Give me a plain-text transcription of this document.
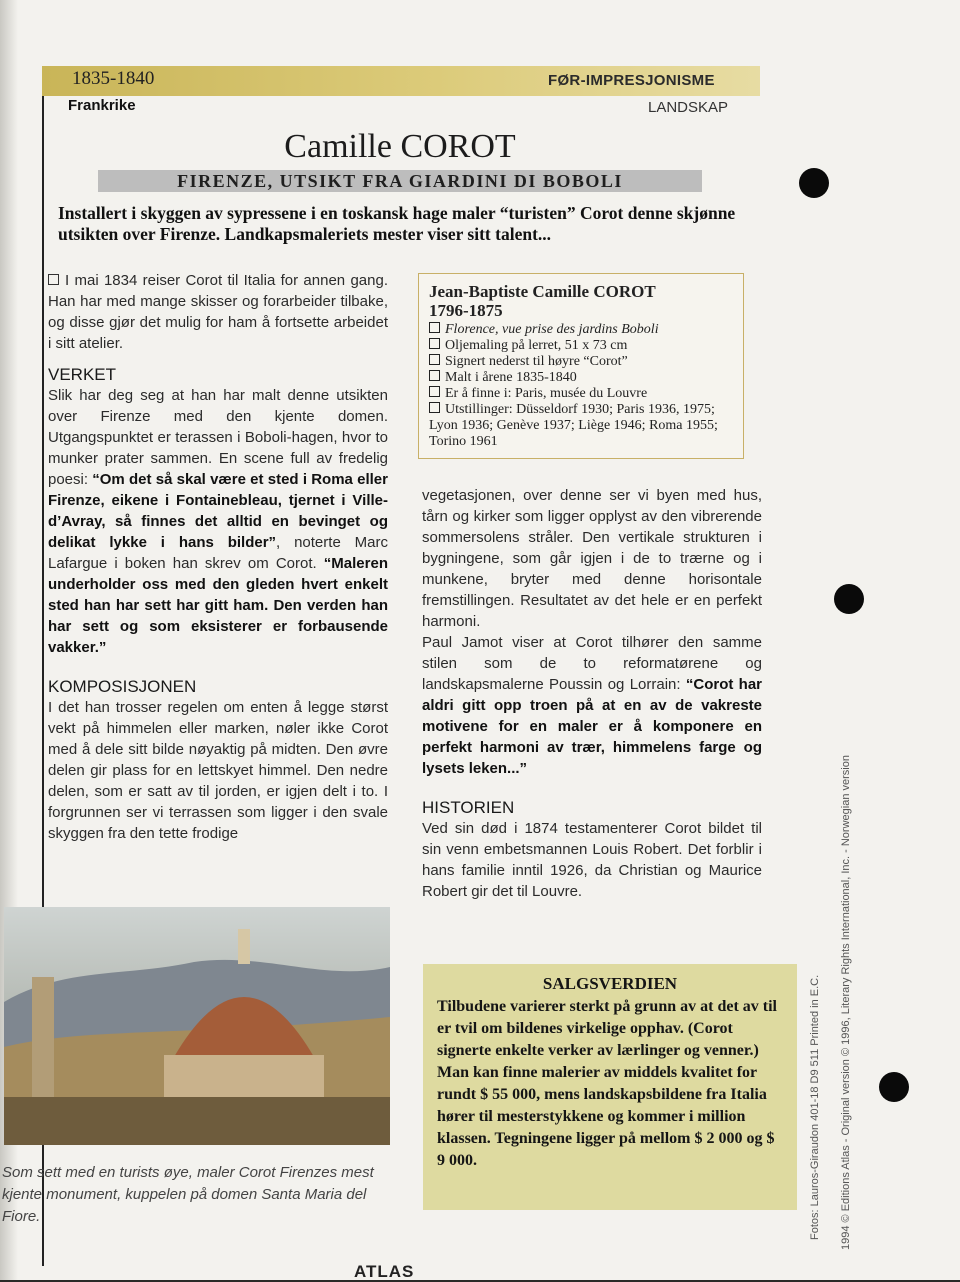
1835-1840	FØR-IMPRESJONISME
Frankrike	LANDSKAP
Camille COROT
FIRENZE, UTSIKT FRA GIARDINI DI BOBOLI
Installert i skyggen av sypressene i en toskansk hage maler “turisten” Corot denne skjønne utsikten over Firenze. Landkapsmaleriets mester viser sitt talent...

I mai 1834 reiser Corot til Italia for annen gang. Han har med mange skisser og forarbeider tilbake, og disse gjør det mulig for ham å fortsette arbeidet i sitt atelier.

VERKET

Slik har deg seg at han har malt denne utsikten over Firenze med den kjente domen. Utgangspunktet er terassen i Boboli-hagen, hvor to munker prater sammen. En scene full av fredelig poesi: “Om det så skal være et sted i Roma eller Firenze, eikene i Fontainebleau, tjernet i Ville-d’Avray, så finnes det alltid en bevinget og delikat lykke i hans bilder”, noterte Marc Lafargue i boken han skrev om Corot. “Maleren underholder oss med den gleden hvert enkelt sted han har sett har gitt ham. Den verden han har sett og som eksisterer er forbausende vakker.”

KOMPOSISJONEN

I det han trosser regelen om enten å legge størst vekt på himmelen eller marken, nøler ikke Corot med å dele sitt bilde nøyaktig på midten. Den øvre delen gir plass for en lettskyet himmel. Den nedre delen, som er satt av til jorden, er igjen delt i to. I forgrunnen ser vi terrassen som ligger i den svale skyggen fra den tette frodige

Jean-Baptiste Camille COROT
1796-1875
Florence, vue prise des jardins Boboli
Oljemaling på lerret, 51 x 73 cm
Signert nederst til høyre “Corot”
Malt i årene 1835-1840
Er å finne i: Paris, musée du Louvre
Utstillinger: Düsseldorf 1930; Paris 1936, 1975; Lyon 1936; Genève 1937; Liège 1946; Roma 1955; Torino 1961

vegetasjonen, over denne ser vi byen med hus, tårn og kirker som ligger opplyst av den vibrerende sommersolens stråler. Den vertikale strukturen i bygningene, som går igjen i de to trærne og i munkene, bryter med denne horisontale fremstillingen. Resultatet av det hele er en perfekt harmoni.

Paul Jamot viser at Corot tilhører den samme stilen som de to reformatørene og landskapsmalerne Poussin og Lorrain: “Corot har aldri gitt opp troen på at en av de vakreste motivene for en maler er å komponere en perfekt harmoni av trær, himmelens farge og lysets leken...”

HISTORIEN

Ved sin død i 1874 testamenterer Corot bildet til sin venn embetsmannen Louis Robert. Det forblir i hans familie inntil 1926, da Christian og Maurice Robert gir det til Louvre.

Som sett med en turists øye, maler Corot Firenzes mest kjente monument, kuppelen på domen Santa Maria del Fiore.
SALGSVERDIEN
Tilbudene varierer sterkt på grunn av at det av til er tvil om bildenes virkelige opphav. (Corot signerte enkelte verker av lærlinger og venner.) Man kan finne malerier av middels kvalitet for rundt $ 55 000, mens landskapsbildene fra Italia hører til mesterstykkene og kommer i million klassen. Tegningene ligger på mellom $ 2 000 og $ 9 000.	Fotos: Lauros-Giraudon 401-18 D9 511 Printed in E.C.	1994 © Editions Atlas - Original version © 1996, Literary Rights International, Inc. - Norwegian version
ATLAS
